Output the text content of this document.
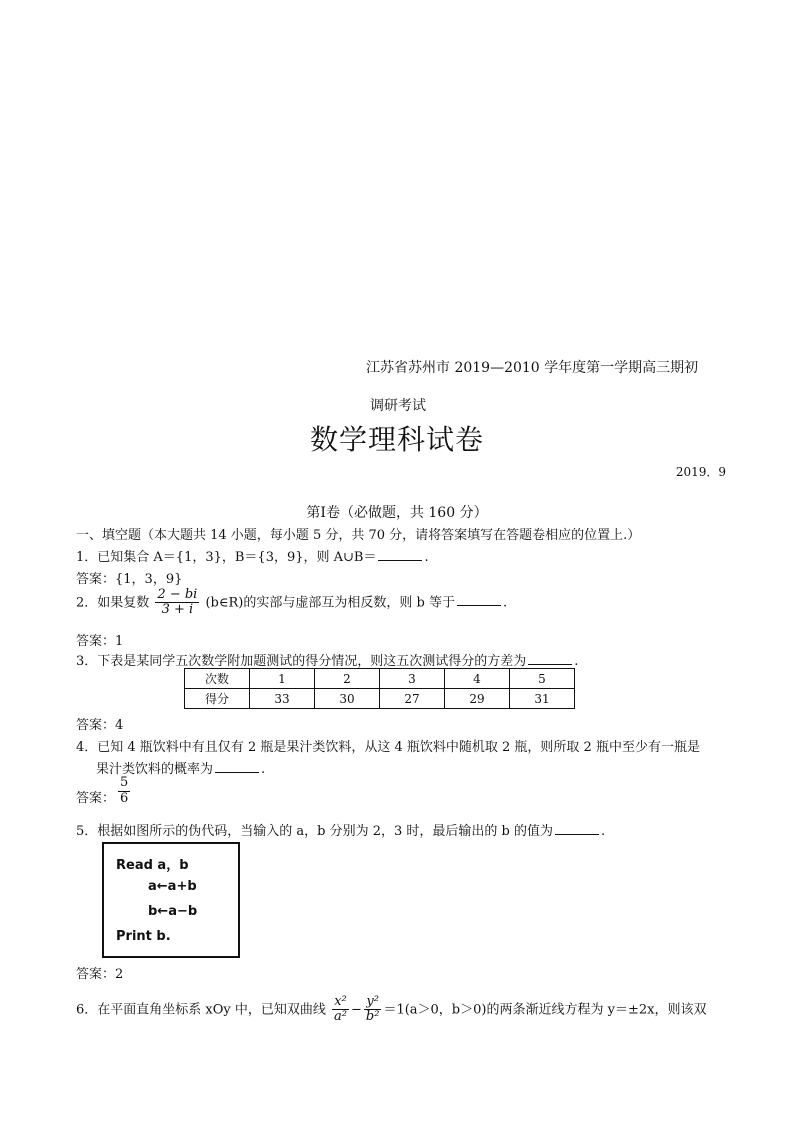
江苏省苏州市 2019—2010 学年度第一学期高三期初
调研考试
数学理科试卷
2019．9
第Ⅰ卷（必做题，共 160 分）
一、填空题（本大题共 14 小题，每小题 5 分，共 70 分，请将答案填写在答题卷相应的位置上.）
1．已知集合 A＝{1，3}，B＝{3，9}，则 A∪B＝	.
答案：{1，3，9}
2．如果复数 $\frac{2 - bi}{3 + i}$ (b∈R)的实部与虚部互为相反数，则 b 等于	.
答案：1
3．下表是某同学五次数学附加题测试的得分情况，则这五次测试得分的方差为	.
次数	1	2	3	4	5
得分	33	30	27	29	31
答案：4
4．已知 4 瓶饮料中有且仅有 2 瓶是果汁类饮料，从这 4 瓶饮料中随机取 2 瓶，则所取 2 瓶中至少有一瓶是
果汁类饮料的概率为	.
答案： $\frac{5}{6}$
5．根据如图所示的伪代码，当输入的 a，b 分别为 2，3 时，最后输出的 b 的值为	.
Read a，b
a←a+b
b←a−b
Print b.
答案：2
6．在平面直角坐标系 xOy 中，已知双曲线 $\frac{\text{x²}}{\text{a²}} - \frac{\text{y²}}{\text{b²}} =1(a>0$，b＞0)的两条渐近线方程为 y＝±2x，则该双
